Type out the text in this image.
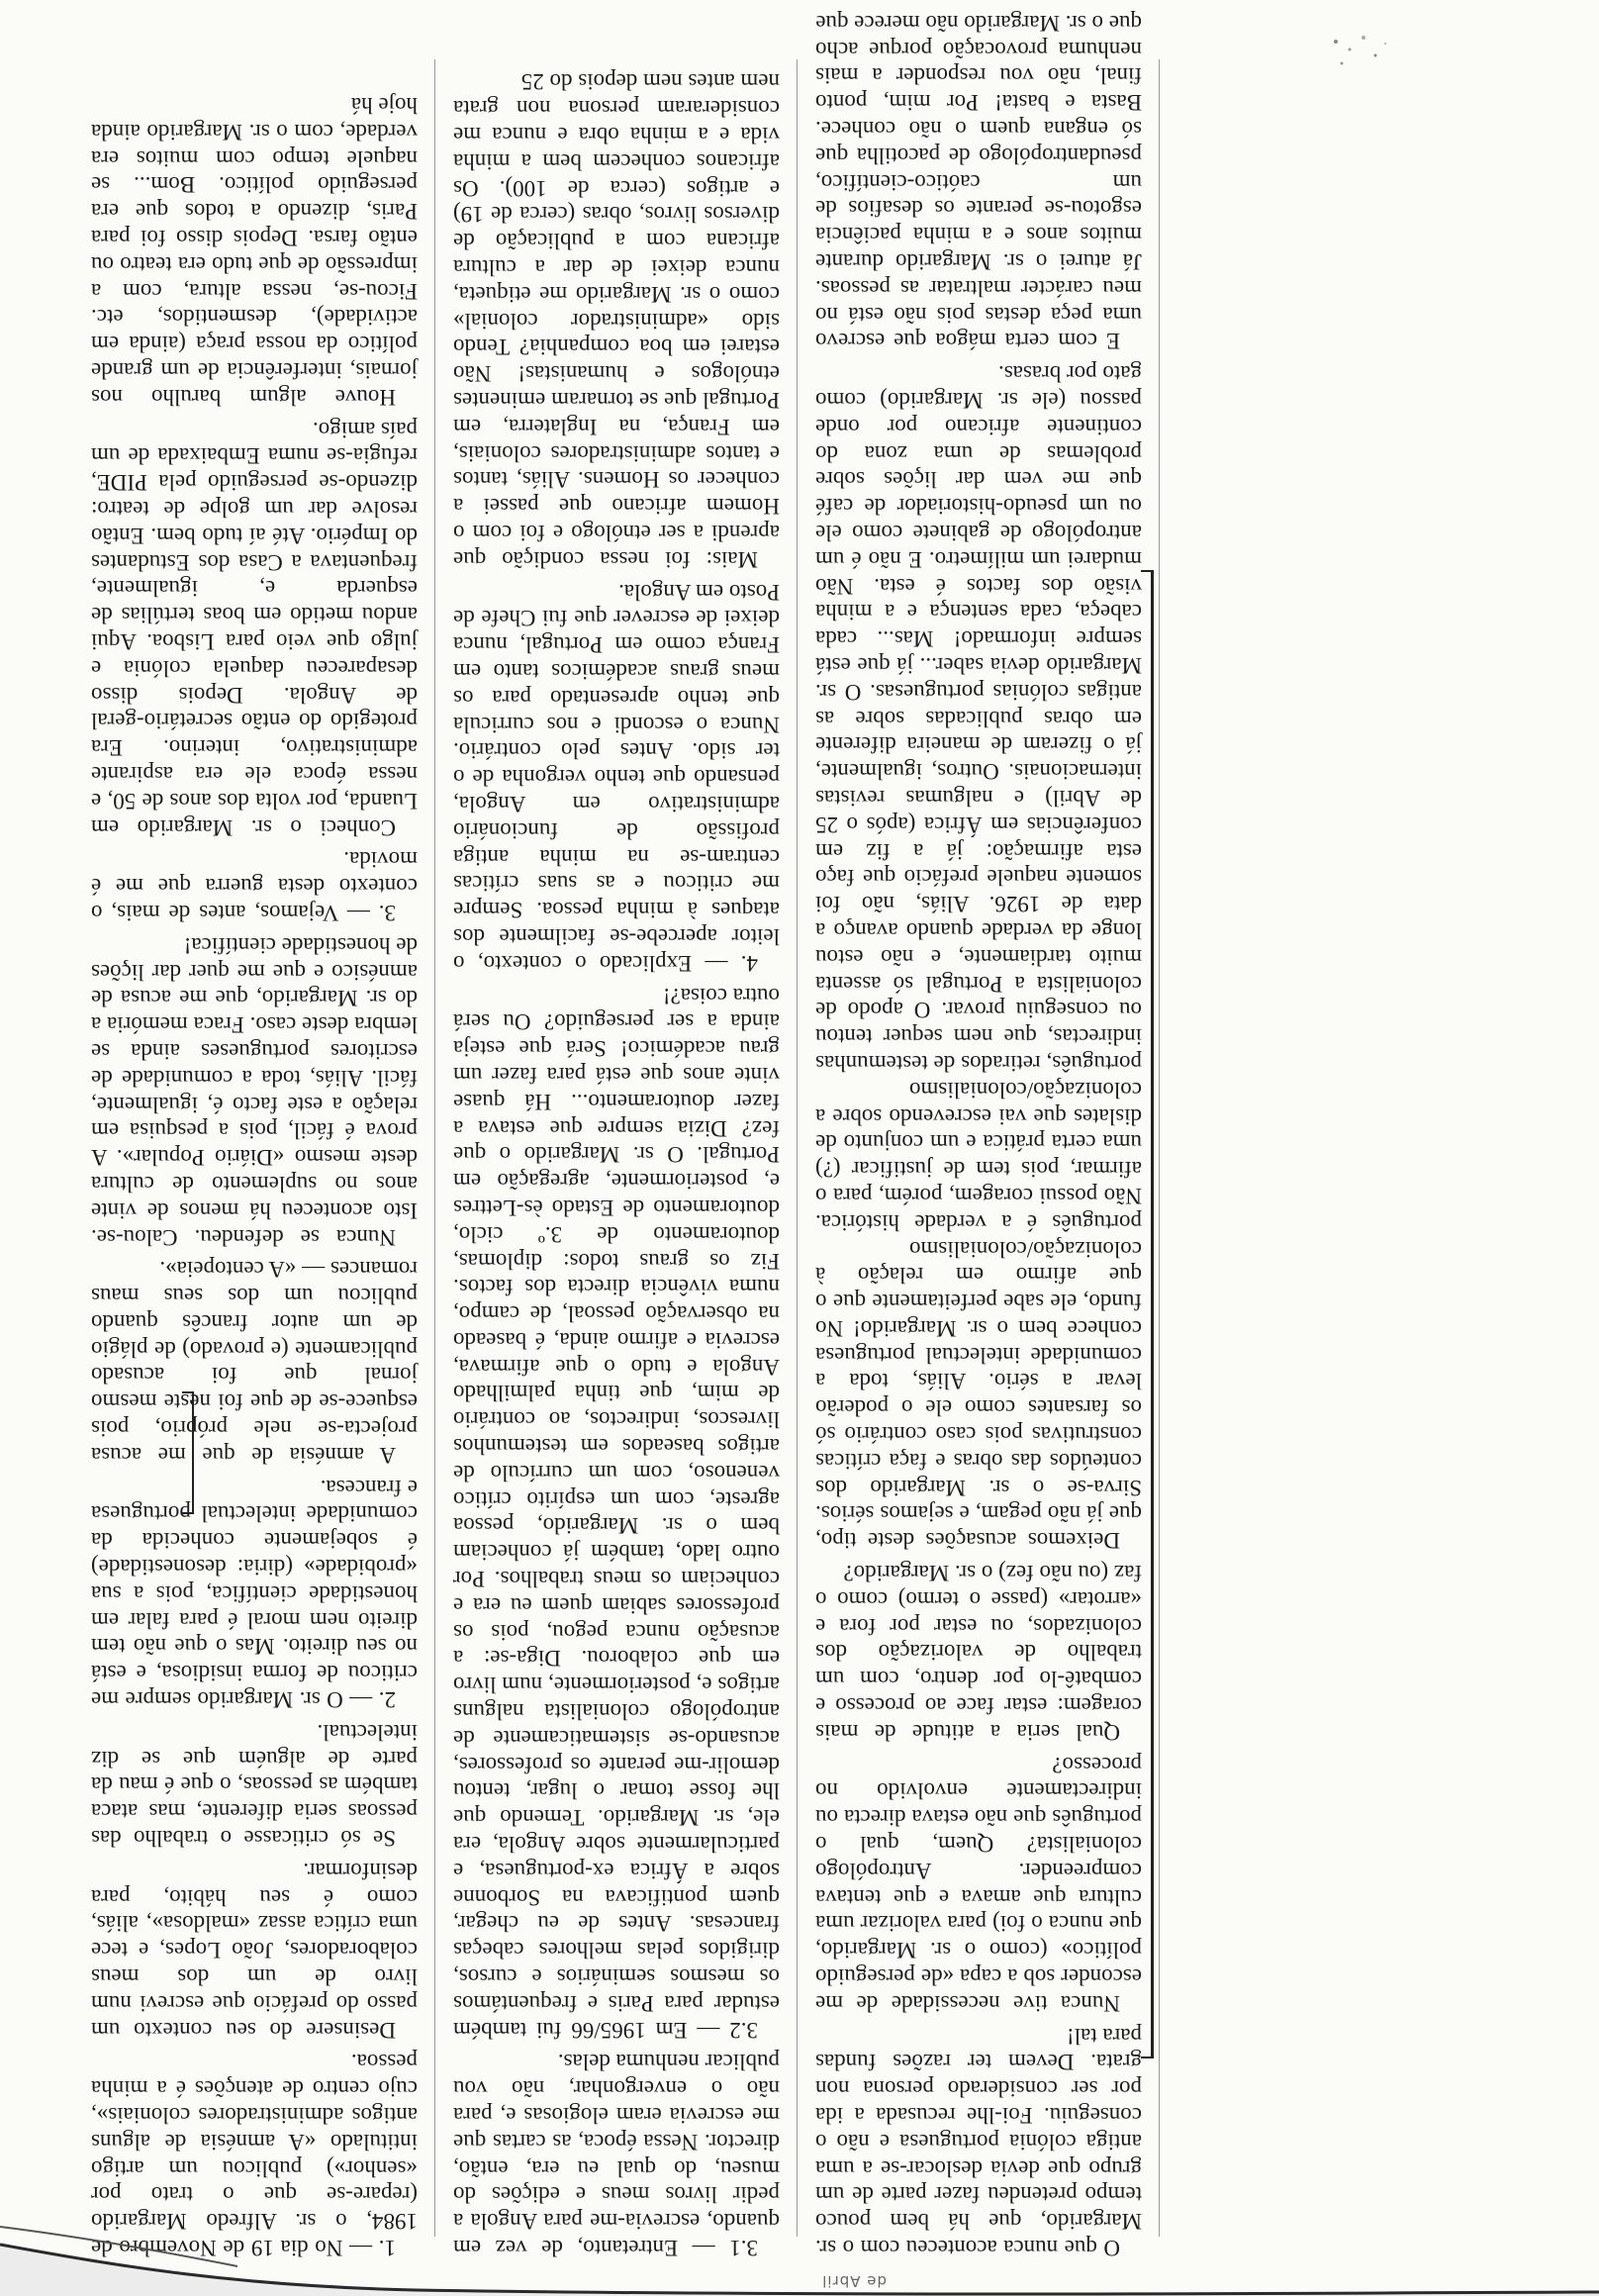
de Abril

1. — No dia 19 de Novembro de 1984, o sr. Alfredo Margarido (repare-se que o trato por «senhor») publicou um artigo intitulado «A amnésia de alguns antigos administradores coloniais», cujo centro de atenções é a minha pessoa.

Desinsere do seu contexto um passo do prefácio que escrevi num livro de um dos meus colaboradores, João Lopes, e tece uma crítica assaz «maldosa», aliás, como é seu hábito, para desinformar.

Se só criticasse o trabalho das pessoas seria diferente, mas ataca também as pessoas, o que é mau da parte de alguém que se diz intelectual.

2. — O sr. Margarido sempre me criticou de forma insidiosa, e está no seu direito. Mas o que não tem direito nem moral é para falar em honestidade científica, pois a sua «probidade» (diria: desonestidade) é sobejamente conhecida da comunidade intelectual portuguesa e francesa.

A amnésia de que me acusa projecta-se nele próprio, pois esquece-se de que foi neste mesmo jornal que foi acusado publicamente (e provado) de plágio de um autor francês quando publicou um dos seus maus romances — «A centopeia».

Nunca se defendeu. Calou-se. Isto aconteceu há menos de vinte anos no suplemento de cultura deste mesmo «Diário Popular». A prova é fácil, pois a pesquisa em relação a este facto é, igualmente, fácil. Aliás, toda a comunidade de escritores portugueses ainda se lembra deste caso. Fraca memória a do sr. Margarido, que me acusa de amnésico e que me quer dar lições de honestidade científica!

3. — Vejamos, antes de mais, o contexto desta guerra que me é movida.

Conheci o sr. Margarido em Luanda, por volta dos anos de 50, e nessa época ele era aspirante administrativo, interino. Era protegido do então secretário-geral de Angola. Depois disso desapareceu daquela colónia e julgo que veio para Lisboa. Aqui andou metido em boas tertúlias de esquerda e, igualmente, frequentava a Casa dos Estudantes do Império. Até aí tudo bem. Então resolve dar um golpe de teatro: dizendo-se perseguido pela PIDE, refugia-se numa Embaixada de um país amigo.

Houve algum barulho nos jornais, interferência de um grande político da nossa praça (ainda em actividade), desmentidos, etc. Ficou-se, nessa altura, com a impressão de que tudo era teatro ou então farsa. Depois disso foi para Paris, dizendo a todos que era perseguido político. Bom... se naquele tempo com muitos era verdade, com o sr. Margarido ainda hoje há

3.1 — Entretanto, de vez em quando, escrevia-me para Angola a pedir livros meus e edições do museu, do qual eu era, então, director. Nessa época, as cartas que me escrevia eram elogiosas e, para não o envergonhar, não vou publicar nenhuma delas.

3.2 — Em 1965/66 fui também estudar para Paris e frequentámos os mesmos seminários e cursos, dirigidos pelas melhores cabeças francesas. Antes de eu chegar, quem pontificava na Sorbonne sobre a África ex-portuguesa, e particularmente sobre Angola, era ele, sr. Margarido. Temendo que lhe fosse tomar o lugar, tentou demolir-me perante os professores, acusando-se sistematicamente de antropólogo colonialista nalguns artigos e, posteriormente, num livro em que colaborou. Diga-se: a acusação nunca pegou, pois os professores sabiam quem eu era e conheciam os meus trabalhos. Por outro lado, também já conheciam bem o sr. Margarido, pessoa agreste, com um espírito crítico venenoso, com um currículo de artigos baseados em testemunhos livrescos, indirectos, ao contrário de mim, que tinha palmilhado Angola e tudo o que afirmava, escrevia e afirmo ainda, é baseado na observação pessoal, de campo, numa vivência directa dos factos. Fiz os graus todos: diplomas, doutoramento de 3.º ciclo, doutoramento de Estado ès-Lettres e, posteriormente, agregação em Portugal. O sr. Margarido o que fez? Dizia sempre que estava a fazer doutoramento... Há quase vinte anos que está para fazer um grau académico! Será que esteja ainda a ser perseguido? Ou será outra coisa?!

4. — Explicado o contexto, o leitor apercebe-se facilmente dos ataques à minha pessoa. Sempre me criticou e as suas críticas centram-se na minha antiga profissão de funcionário administrativo em Angola, pensando que tenho vergonha de o ter sido. Antes pelo contrário. Nunca o escondi e nos curricula que tenho apresentado para os meus graus académicos tanto em França como em Portugal, nunca deixei de escrever que fui Chefe de Posto em Angola.

Mais: foi nessa condição que aprendi a ser etnólogo e foi com o Homem africano que passei a conhecer os Homens. Aliás, tantos e tantos administradores coloniais, em França, na Inglaterra, em Portugal que se tornaram eminentes etnólogos e humanistas! Não estarei em boa companhia? Tendo sido «administrador colonial» como o sr. Margarido me etiqueta, nunca deixei de dar a cultura africana com a publicação de diversos livros, obras (cerca de 19) e artigos (cerca de 100). Os africanos conhecem bem a minha vida e a minha obra e nunca me consideraram persona non grata nem antes nem depois do 25

O que nunca aconteceu com o sr. Margarido, que há bem pouco tempo pretendeu fazer parte de um grupo que devia deslocar-se a uma antiga colónia portuguesa e não o conseguiu. Foi-lhe recusada a ida por ser considerado persona non grata. Devem ter razões fundas para tal!

Nunca tive necessidade de me esconder sob a capa «de perseguido político» (como o sr. Margarido, que nunca o foi) para valorizar uma cultura que amava e que tentava compreender. Antropólogo colonialista? Quem, qual o português que não estava directa ou indirectamente envolvido no processo?

Qual seria a atitude de mais coragem: estar face ao processo e combatê-lo por dentro, com um trabalho de valorização dos colonizados, ou estar por fora e «arrotar» (passe o termo) como o faz (ou não fez) o sr. Margarido?

Deixemos acusações deste tipo, que já não pegam, e sejamos sérios. Sirva-se o sr. Margarido dos conteúdos das obras e faça críticas construtivas pois caso contrário só os farsantes como ele o poderão levar a sério. Aliás, toda a comunidade intelectual portuguesa conhece bem o sr. Margarido! No fundo, ele sabe perfeitamente que o que afirmo em relação à colonização/colonialismo português é a verdade histórica. Não possui coragem, porém, para o afirmar, pois tem de justificar (?) uma certa prática e um conjunto de dislates que vai escrevendo sobre a colonização/colonialismo português, retirados de testemunhas indirectas, que nem sequer tentou ou conseguiu provar. O apodo de colonialista a Portugal só assenta muito tardiamente, e não estou longe da verdade quando avanço a data de 1926. Aliás, não foi somente naquele prefácio que faço esta afirmação: já a fiz em conferências em África (após o 25 de Abril) e nalgumas revistas internacionais. Outros, igualmente, já o fizeram de maneira diferente em obras publicadas sobre as antigas colónias portuguesas. O sr. Margarido devia saber... já que está sempre informado! Mas... cada cabeça, cada sentença e a minha visão dos factos é esta. Não mudarei um milímetro. E não é um antropólogo de gabinete como ele ou um pseudo-historiador de café que me vem dar lições sobre problemas de uma zona do continente africano por onde passou (ele sr. Margarido) como gato por brasas.

E com certa mágoa que escrevo uma peça destas pois não está no meu carácter maltratar as pessoas. Já aturei o sr. Margarido durante muitos anos e a minha paciência esgotou-se perante os desafios de um caótico-científico, pseudantropólogo de pacotilha que só engana quem o não conhece. Basta e basta! Por mim, ponto final, não vou responder a mais nenhuma provocação porque acho que o sr. Margarido não merece que
